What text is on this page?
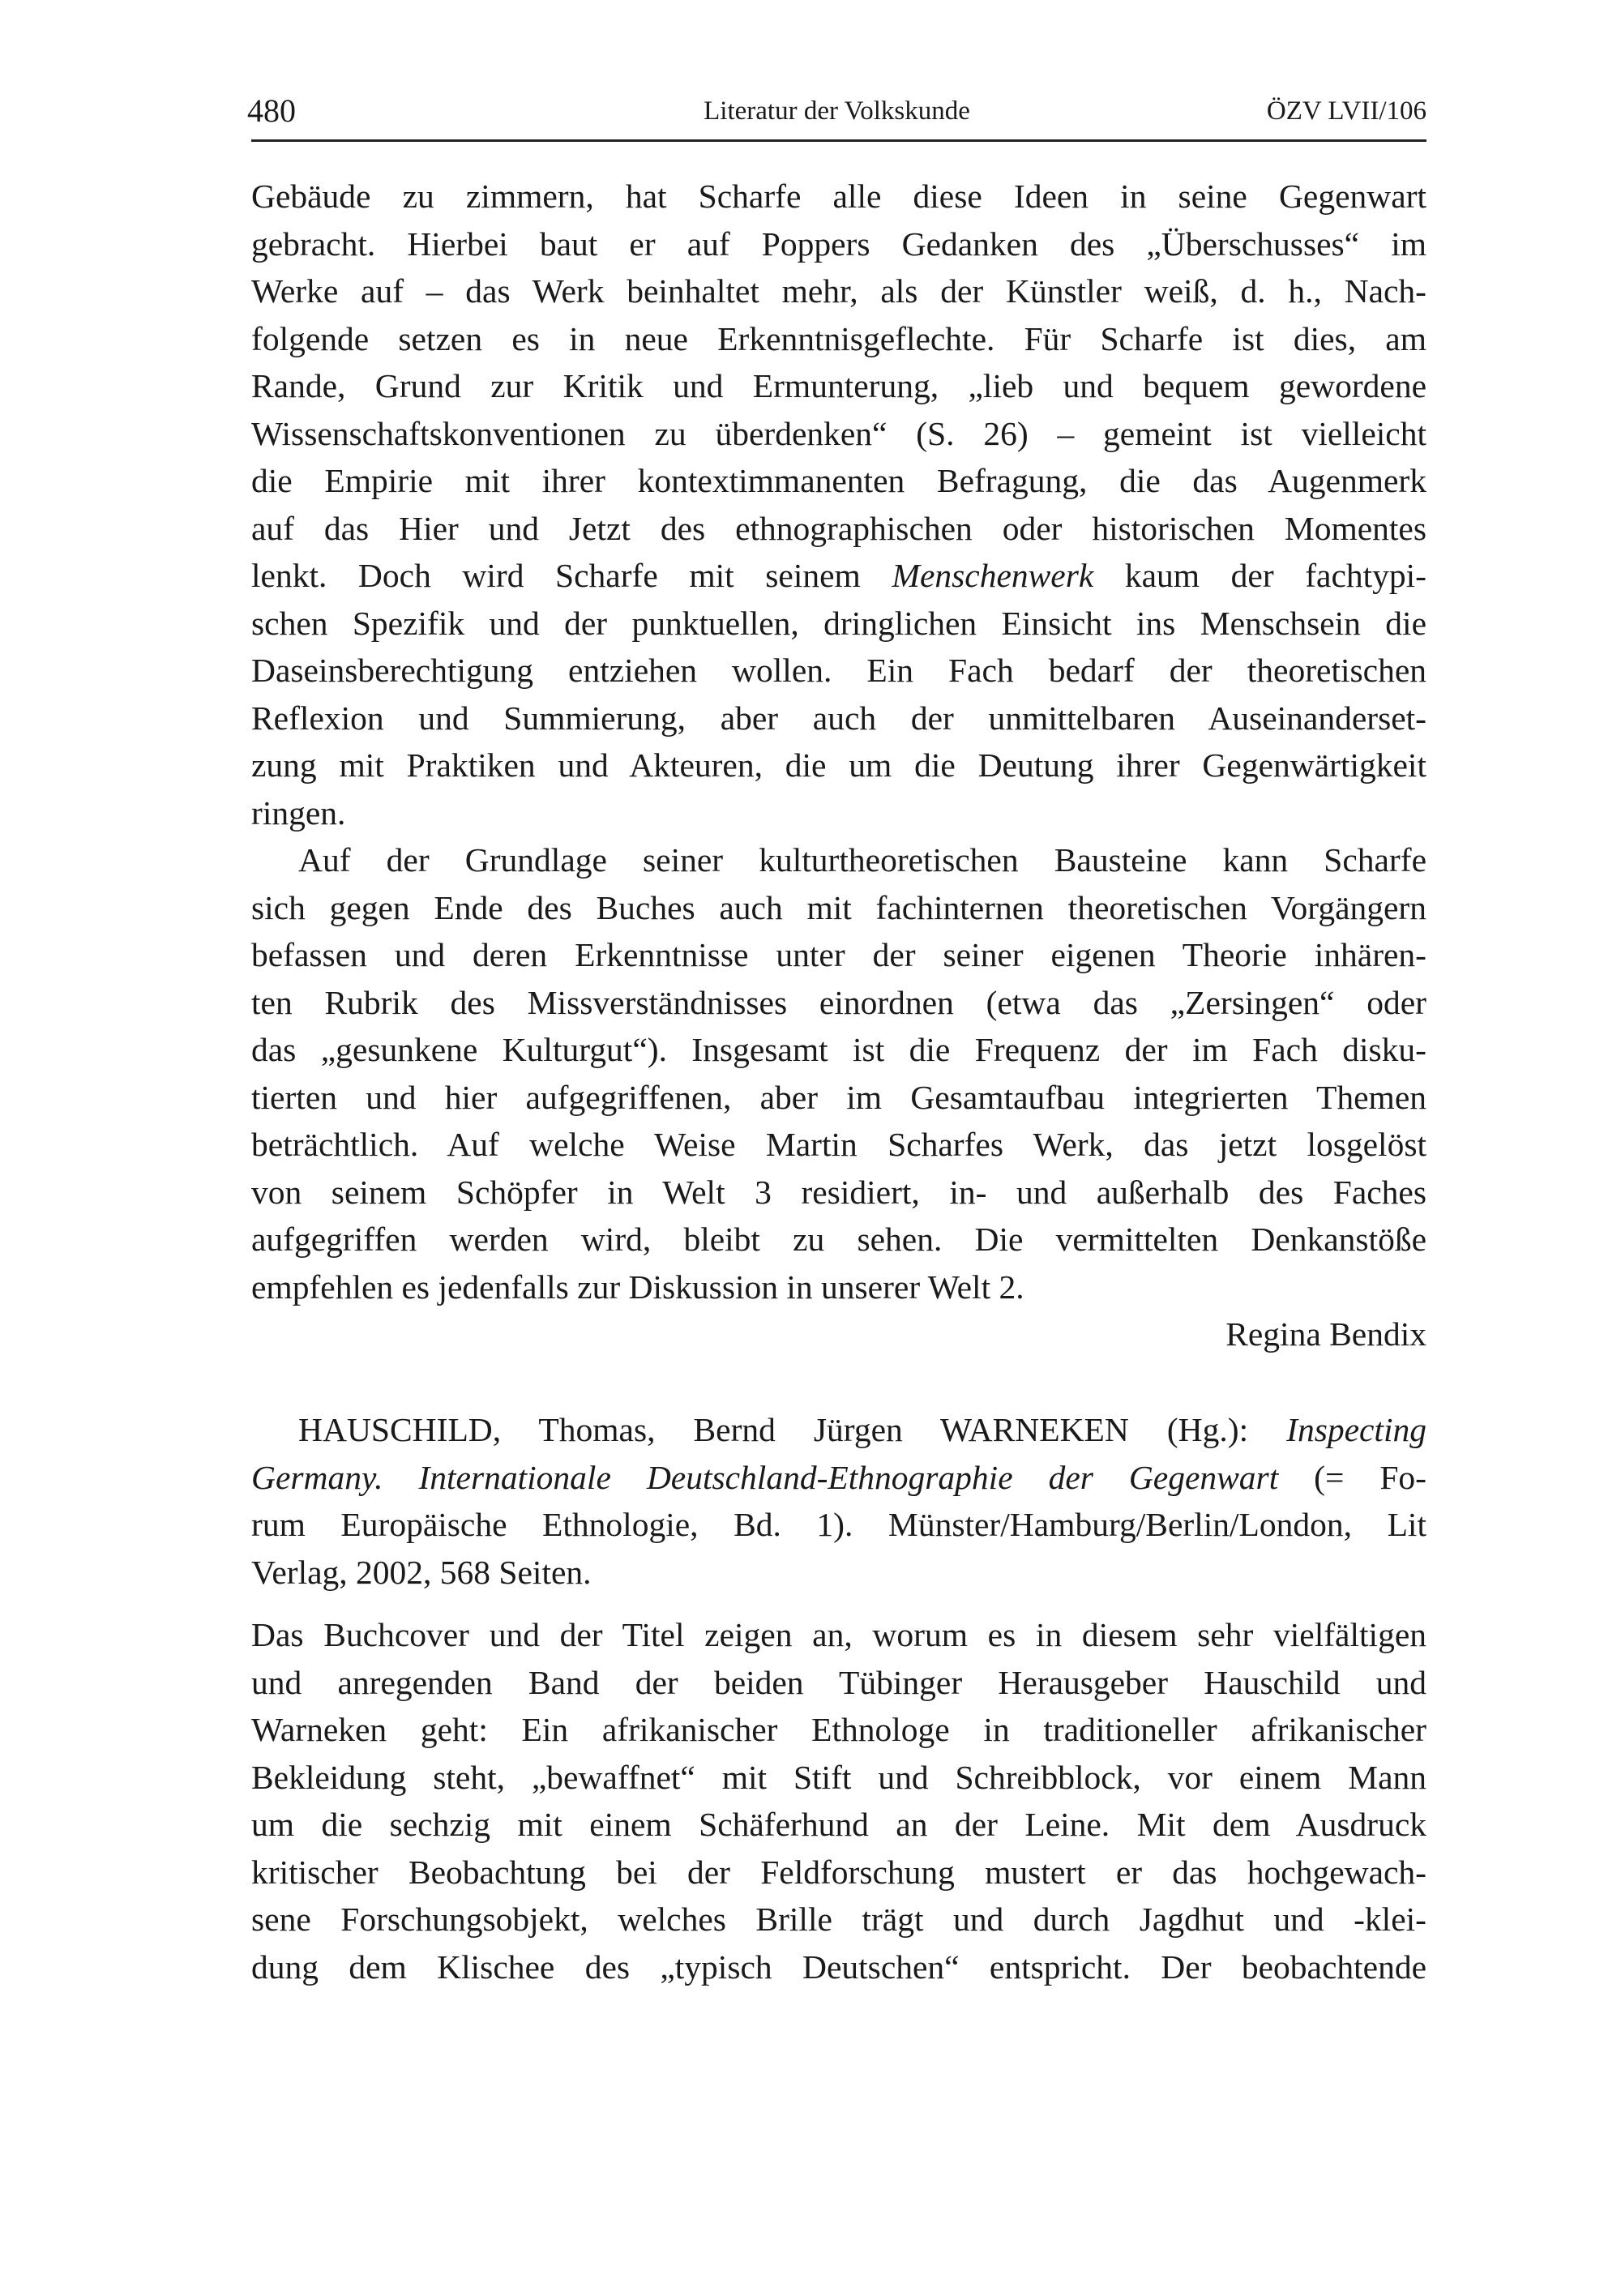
480	Literatur der Volkskunde	ÖZV LVII/106
Gebäude zu zimmern, hat Scharfe alle diese Ideen in seine Gegenwart
gebracht. Hierbei baut er auf Poppers Gedanken des „Überschusses“ im
Werke auf – das Werk beinhaltet mehr, als der Künstler weiß, d. h., Nach-
folgende setzen es in neue Erkenntnisgeflechte. Für Scharfe ist dies, am
Rande, Grund zur Kritik und Ermunterung, „lieb und bequem gewordene
Wissenschaftskonventionen zu überdenken“ (S. 26) – gemeint ist vielleicht
die Empirie mit ihrer kontextimmanenten Befragung, die das Augenmerk
auf das Hier und Jetzt des ethnographischen oder historischen Momentes
lenkt. Doch wird Scharfe mit seinem Menschenwerk kaum der fachtypi-
schen Spezifik und der punktuellen, dringlichen Einsicht ins Menschsein die
Daseinsberechtigung entziehen wollen. Ein Fach bedarf der theoretischen
Reflexion und Summierung, aber auch der unmittelbaren Auseinanderset-
zung mit Praktiken und Akteuren, die um die Deutung ihrer Gegenwärtigkeit
ringen.
Auf der Grundlage seiner kulturtheoretischen Bausteine kann Scharfe
sich gegen Ende des Buches auch mit fachinternen theoretischen Vorgängern
befassen und deren Erkenntnisse unter der seiner eigenen Theorie inhären-
ten Rubrik des Missverständnisses einordnen (etwa das „Zersingen“ oder
das „gesunkene Kulturgut“). Insgesamt ist die Frequenz der im Fach disku-
tierten und hier aufgegriffenen, aber im Gesamtaufbau integrierten Themen
beträchtlich. Auf welche Weise Martin Scharfes Werk, das jetzt losgelöst
von seinem Schöpfer in Welt 3 residiert, in- und außerhalb des Faches
aufgegriffen werden wird, bleibt zu sehen. Die vermittelten Denkanstöße
empfehlen es jedenfalls zur Diskussion in unserer Welt 2.
Regina Bendix
HAUSCHILD, Thomas, Bernd Jürgen WARNEKEN (Hg.): Inspecting
Germany. Internationale Deutschland-Ethnographie der Gegenwart (= Fo-
rum Europäische Ethnologie, Bd. 1). Münster/Hamburg/Berlin/London, Lit
Verlag, 2002, 568 Seiten.
Das Buchcover und der Titel zeigen an, worum es in diesem sehr vielfältigen
und anregenden Band der beiden Tübinger Herausgeber Hauschild und
Warneken geht: Ein afrikanischer Ethnologe in traditioneller afrikanischer
Bekleidung steht, „bewaffnet“ mit Stift und Schreibblock, vor einem Mann
um die sechzig mit einem Schäferhund an der Leine. Mit dem Ausdruck
kritischer Beobachtung bei der Feldforschung mustert er das hochgewach-
sene Forschungsobjekt, welches Brille trägt und durch Jagdhut und -klei-
dung dem Klischee des „typisch Deutschen“ entspricht. Der beobachtende
